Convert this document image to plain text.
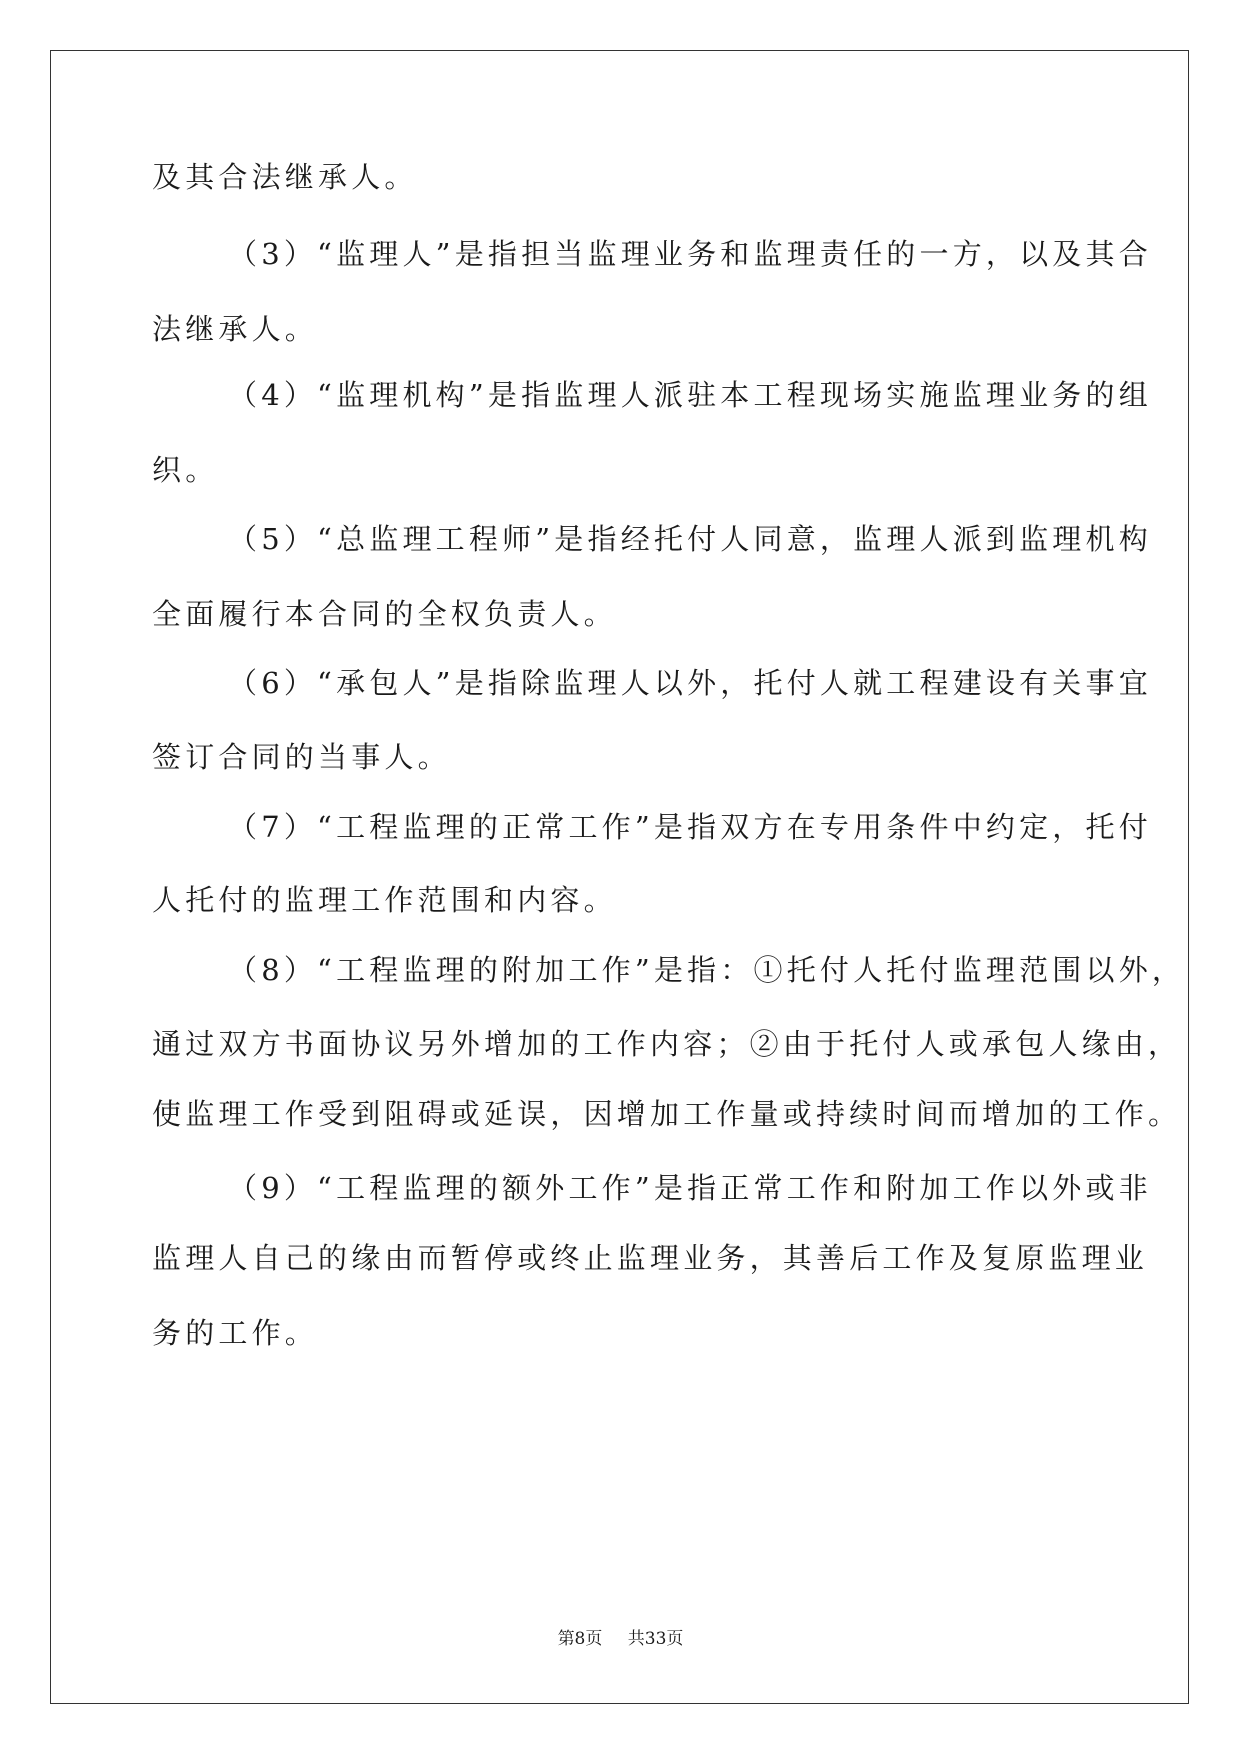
及其合法继承人。
（3）“监理人”是指担当监理业务和监理责任的一方，以及其合
法继承人。
（4）“监理机构”是指监理人派驻本工程现场实施监理业务的组
织。
（5）“总监理工程师”是指经托付人同意，监理人派到监理机构
全面履行本合同的全权负责人。
（6）“承包人”是指除监理人以外，托付人就工程建设有关事宜
签订合同的当事人。
（7）“工程监理的正常工作”是指双方在专用条件中约定，托付
人托付的监理工作范围和内容。
（8）“工程监理的附加工作”是指：①托付人托付监理范围以外，
通过双方书面协议另外增加的工作内容；②由于托付人或承包人缘由，
使监理工作受到阻碍或延误，因增加工作量或持续时间而增加的工作。
（9）“工程监理的额外工作”是指正常工作和附加工作以外或非
监理人自己的缘由而暂停或终止监理业务，其善后工作及复原监理业
务的工作。
第8页 共33页
